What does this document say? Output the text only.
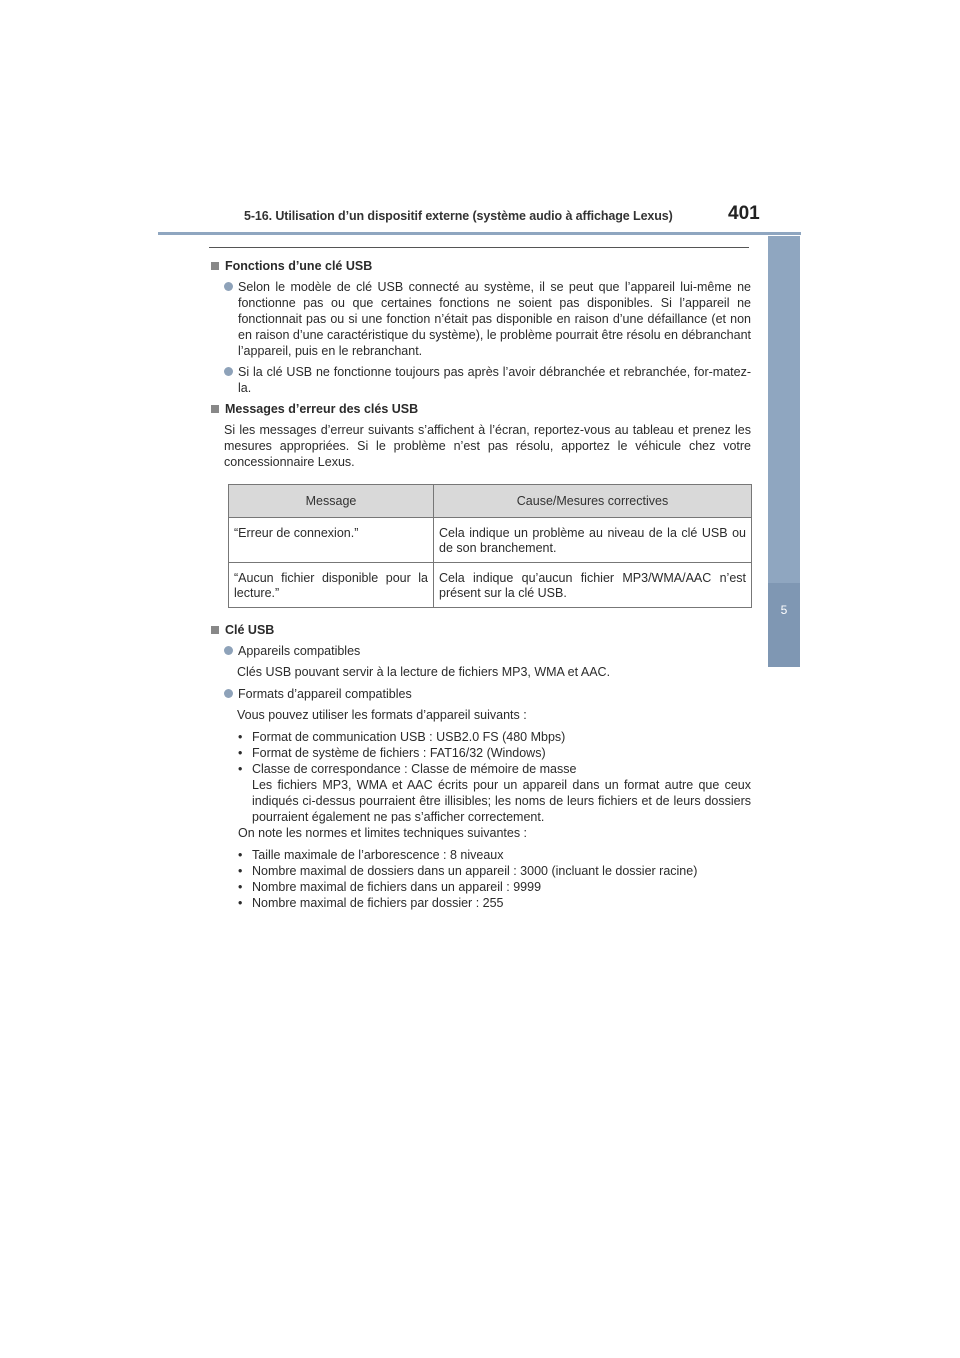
5-16. Utilisation d’un dispositif externe (système audio à affichage Lexus)	401
5
Système audio
Fonctions d’une clé USB
Selon le modèle de clé USB connecté au système, il se peut que l’appareil lui-même ne fonctionne pas ou que certaines fonctions ne soient pas disponibles. Si l’appareil ne fonctionnait pas ou si une fonction n’était pas disponible en raison d’une défaillance (et non en raison d’une caractéristique du système), le problème pourrait être résolu en débranchant l’appareil, puis en le rebranchant.
Si la clé USB ne fonctionne toujours pas après l’avoir débranchée et rebranchée, for-matez-la.
Messages d’erreur des clés USB
Si les messages d’erreur suivants s’affichent à l’écran, reportez-vous au tableau et prenez les mesures appropriées. Si le problème n’est pas résolu, apportez le véhicule chez votre concessionnaire Lexus.
Message	Cause/Mesures correctives
“Erreur de connexion.”	Cela indique un problème au niveau de la clé USB ou de son branchement.
“Aucun fichier disponible pour la lecture.”	Cela indique qu’aucun fichier MP3/WMA/AAC n’est présent sur la clé USB.
Clé USB
Appareils compatibles
Clés USB pouvant servir à la lecture de fichiers MP3, WMA et AAC.
Formats d’appareil compatibles
Vous pouvez utiliser les formats d’appareil suivants :
• Format de communication USB : USB2.0 FS (480 Mbps)
• Format de système de fichiers : FAT16/32 (Windows)
• Classe de correspondance : Classe de mémoire de masse
Les fichiers MP3, WMA et AAC écrits pour un appareil dans un format autre que ceux indiqués ci-dessus pourraient être illisibles; les noms de leurs fichiers et de leurs dossiers pourraient également ne pas s’afficher correctement.
On note les normes et limites techniques suivantes :
• Taille maximale de l’arborescence : 8 niveaux
• Nombre maximal de dossiers dans un appareil : 3000 (incluant le dossier racine)
• Nombre maximal de fichiers dans un appareil : 9999
• Nombre maximal de fichiers par dossier : 255
